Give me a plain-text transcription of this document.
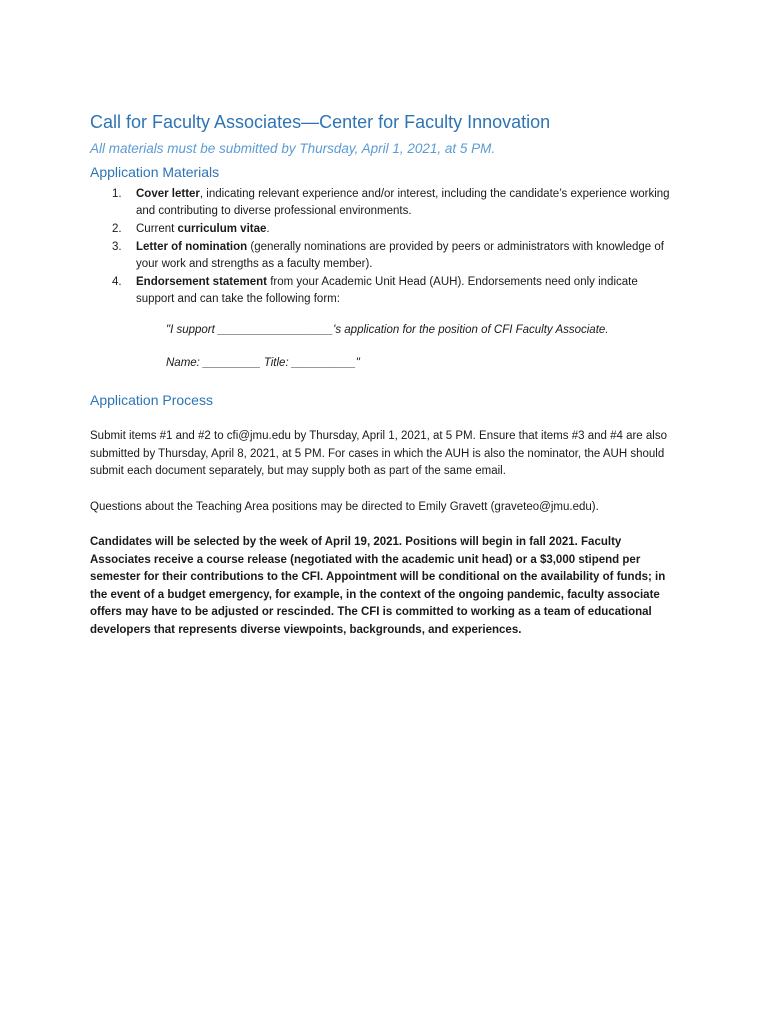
Call for Faculty Associates—Center for Faculty Innovation

All materials must be submitted by Thursday, April 1, 2021, at 5 PM.

Application Materials
1. Cover letter, indicating relevant experience and/or interest, including the candidate’s experience working and contributing to diverse professional environments.
2. Current curriculum vitae.
3. Letter of nomination (generally nominations are provided by peers or administrators with knowledge of your work and strengths as a faculty member).
4. Endorsement statement from your Academic Unit Head (AUH). Endorsements need only indicate support and can take the following form:

"I support __________________'s application for the position of CFI Faculty Associate.

Name: _________ Title: __________"

Application Process

Submit items #1 and #2 to cfi@jmu.edu by Thursday, April 1, 2021, at 5 PM. Ensure that items #3 and #4 are also submitted by Thursday, April 8, 2021, at 5 PM. For cases in which the AUH is also the nominator, the AUH should submit each document separately, but may supply both as part of the same email.

Questions about the Teaching Area positions may be directed to Emily Gravett (graveteo@jmu.edu).

Candidates will be selected by the week of April 19, 2021. Positions will begin in fall 2021. Faculty Associates receive a course release (negotiated with the academic unit head) or a $3,000 stipend per semester for their contributions to the CFI. Appointment will be conditional on the availability of funds; in the event of a budget emergency, for example, in the context of the ongoing pandemic, faculty associate offers may have to be adjusted or rescinded. The CFI is committed to working as a team of educational developers that represents diverse viewpoints, backgrounds, and experiences.
